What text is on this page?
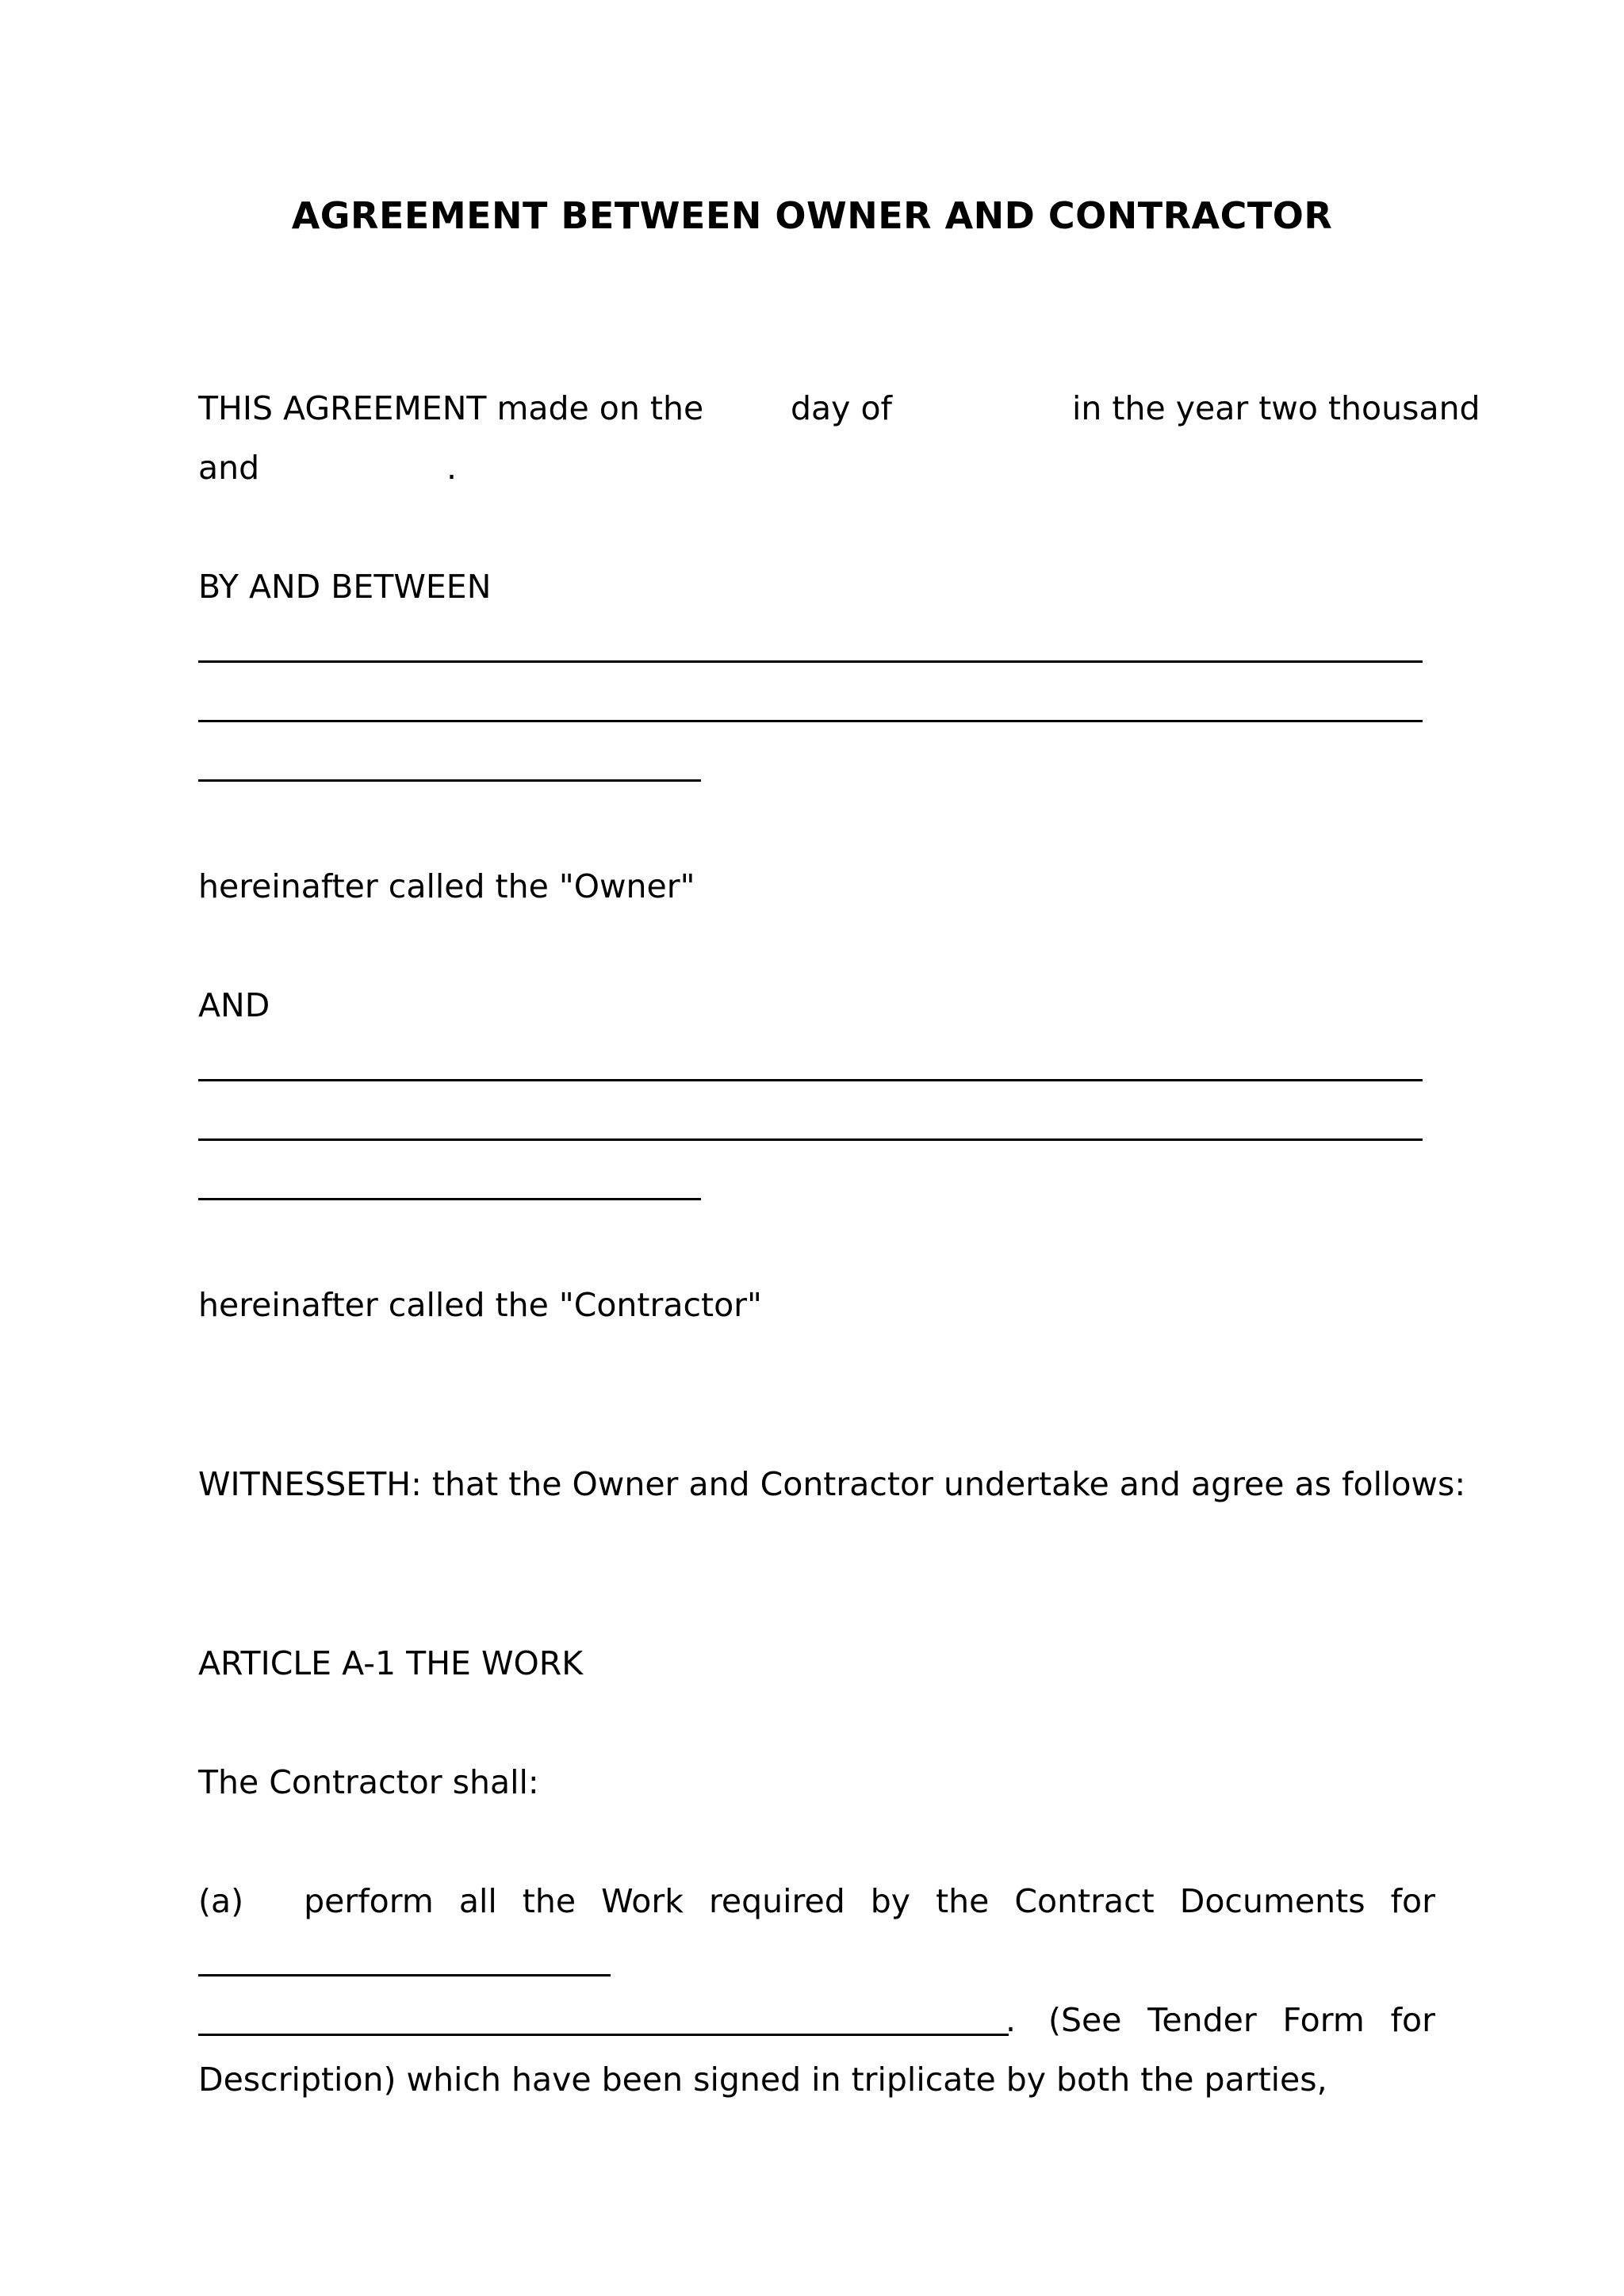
AGREEMENT BETWEEN OWNER AND CONTRACTOR
THIS AGREEMENT made on the	day of	in the year two thousand
and	.
BY AND BETWEEN
hereinafter called the "Owner"
AND
hereinafter called the "Contractor"
WITNESSETH: that the Owner and Contractor undertake and agree as follows:
ARTICLE A-1 THE WORK
The Contractor shall:
(a) perform all the Work required by the Contract Documents for
. (See Tender Form for
Description) which have been signed in triplicate by both the parties,
